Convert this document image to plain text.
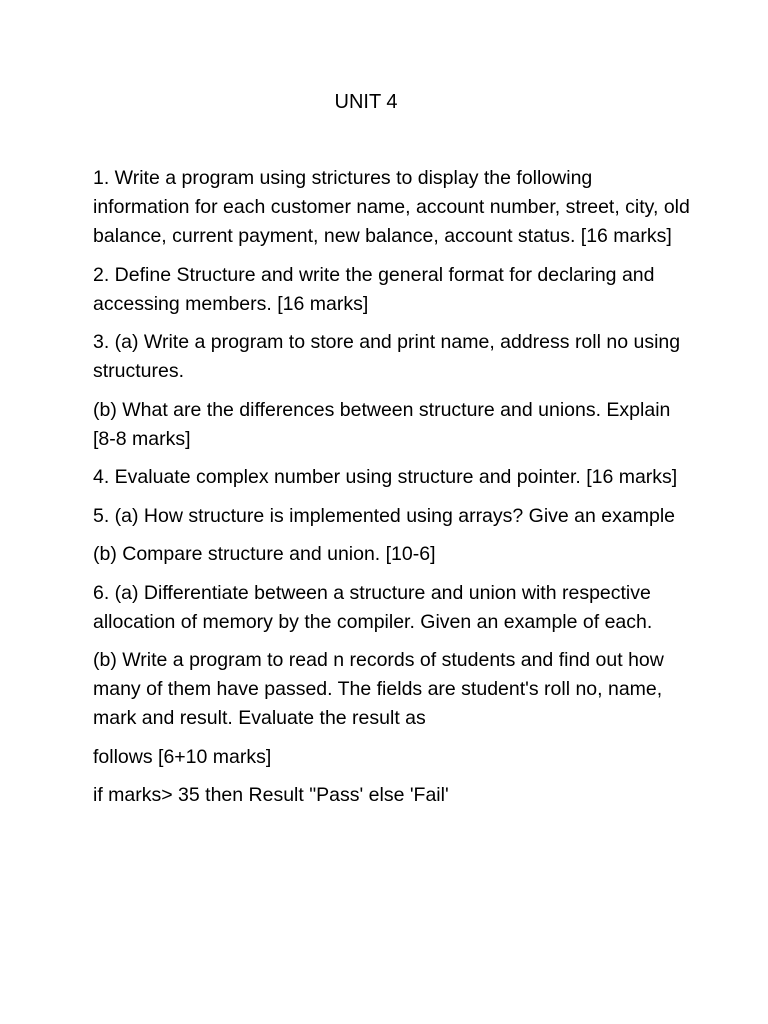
UNIT 4

1. Write a program using strictures to display the following information for each customer name, account number, street, city, old balance, current payment, new balance, account status. [16 marks]

2. Define Structure and write the general format for declaring and accessing members. [16 marks]

3. (a) Write a program to store and print name, address roll no using structures.

(b) What are the differences between structure and unions. Explain [8-8 marks]

4. Evaluate complex number using structure and pointer. [16 marks]

5. (a) How structure is implemented using arrays? Give an example

(b) Compare structure and union. [10-6]

6. (a) Differentiate between a structure and union with respective allocation of memory by the compiler. Given an example of each.

(b) Write a program to read n records of students and find out how many of them have passed. The fields are student's roll no, name, mark and result. Evaluate the result as

follows [6+10 marks]

if marks> 35 then Result "Pass' else 'Fail'
